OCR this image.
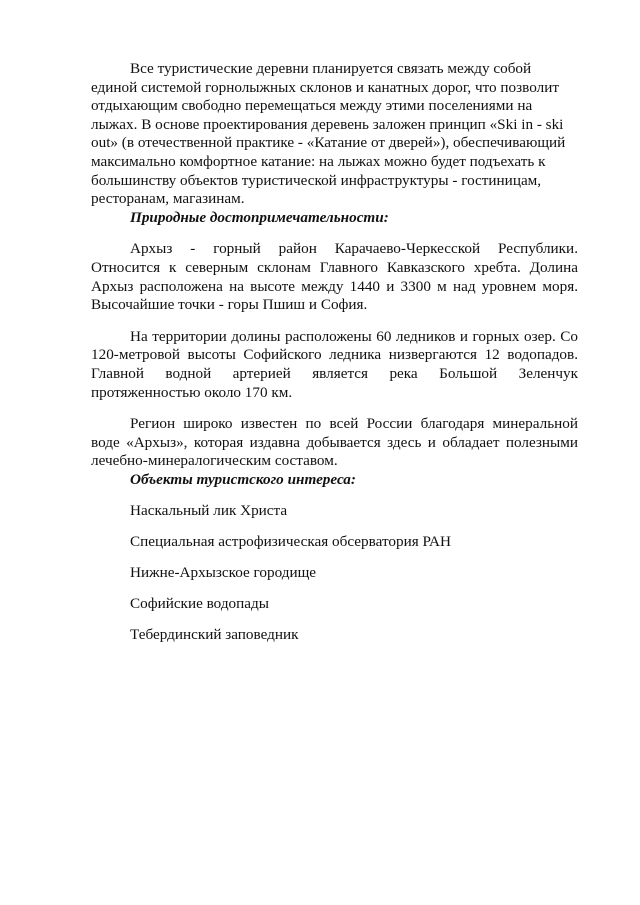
Все туристические деревни планируется связать между собой единой системой горнолыжных склонов и канатных дорог, что позволит отдыхающим свободно перемещаться между этими поселениями на лыжах. В основе проектирования деревень заложен принцип «Ski in - ski out» (в отечественной практике - «Катание от дверей»), обеспечивающий максимально комфортное катание: на лыжах можно будет подъехать к большинству объектов туристической инфраструктуры - гостиницам, ресторанам, магазинам.

Природные достопримечательности:

Архыз - горный район Карачаево-Черкесской Республики. Относится к северным склонам Главного Кавказского хребта. Долина Архыз расположена на высоте между 1440 и 3300 м над уровнем моря. Высочайшие точки - горы Пшиш и София.

На территории долины расположены 60 ледников и горных озер. Со 120-метровой высоты Софийского ледника низвергаются 12 водопадов. Главной водной артерией является река Большой Зеленчук протяженностью около 170 км.

Регион широко известен по всей России благодаря минеральной воде «Архыз», которая издавна добывается здесь и обладает полезными лечебно-минералогическим составом.

Объекты туристского интереса:

Наскальный лик Христа

Специальная астрофизическая обсерватория РАН

Нижне-Архызское городище

Софийские водопады

Тебердинский заповедник
